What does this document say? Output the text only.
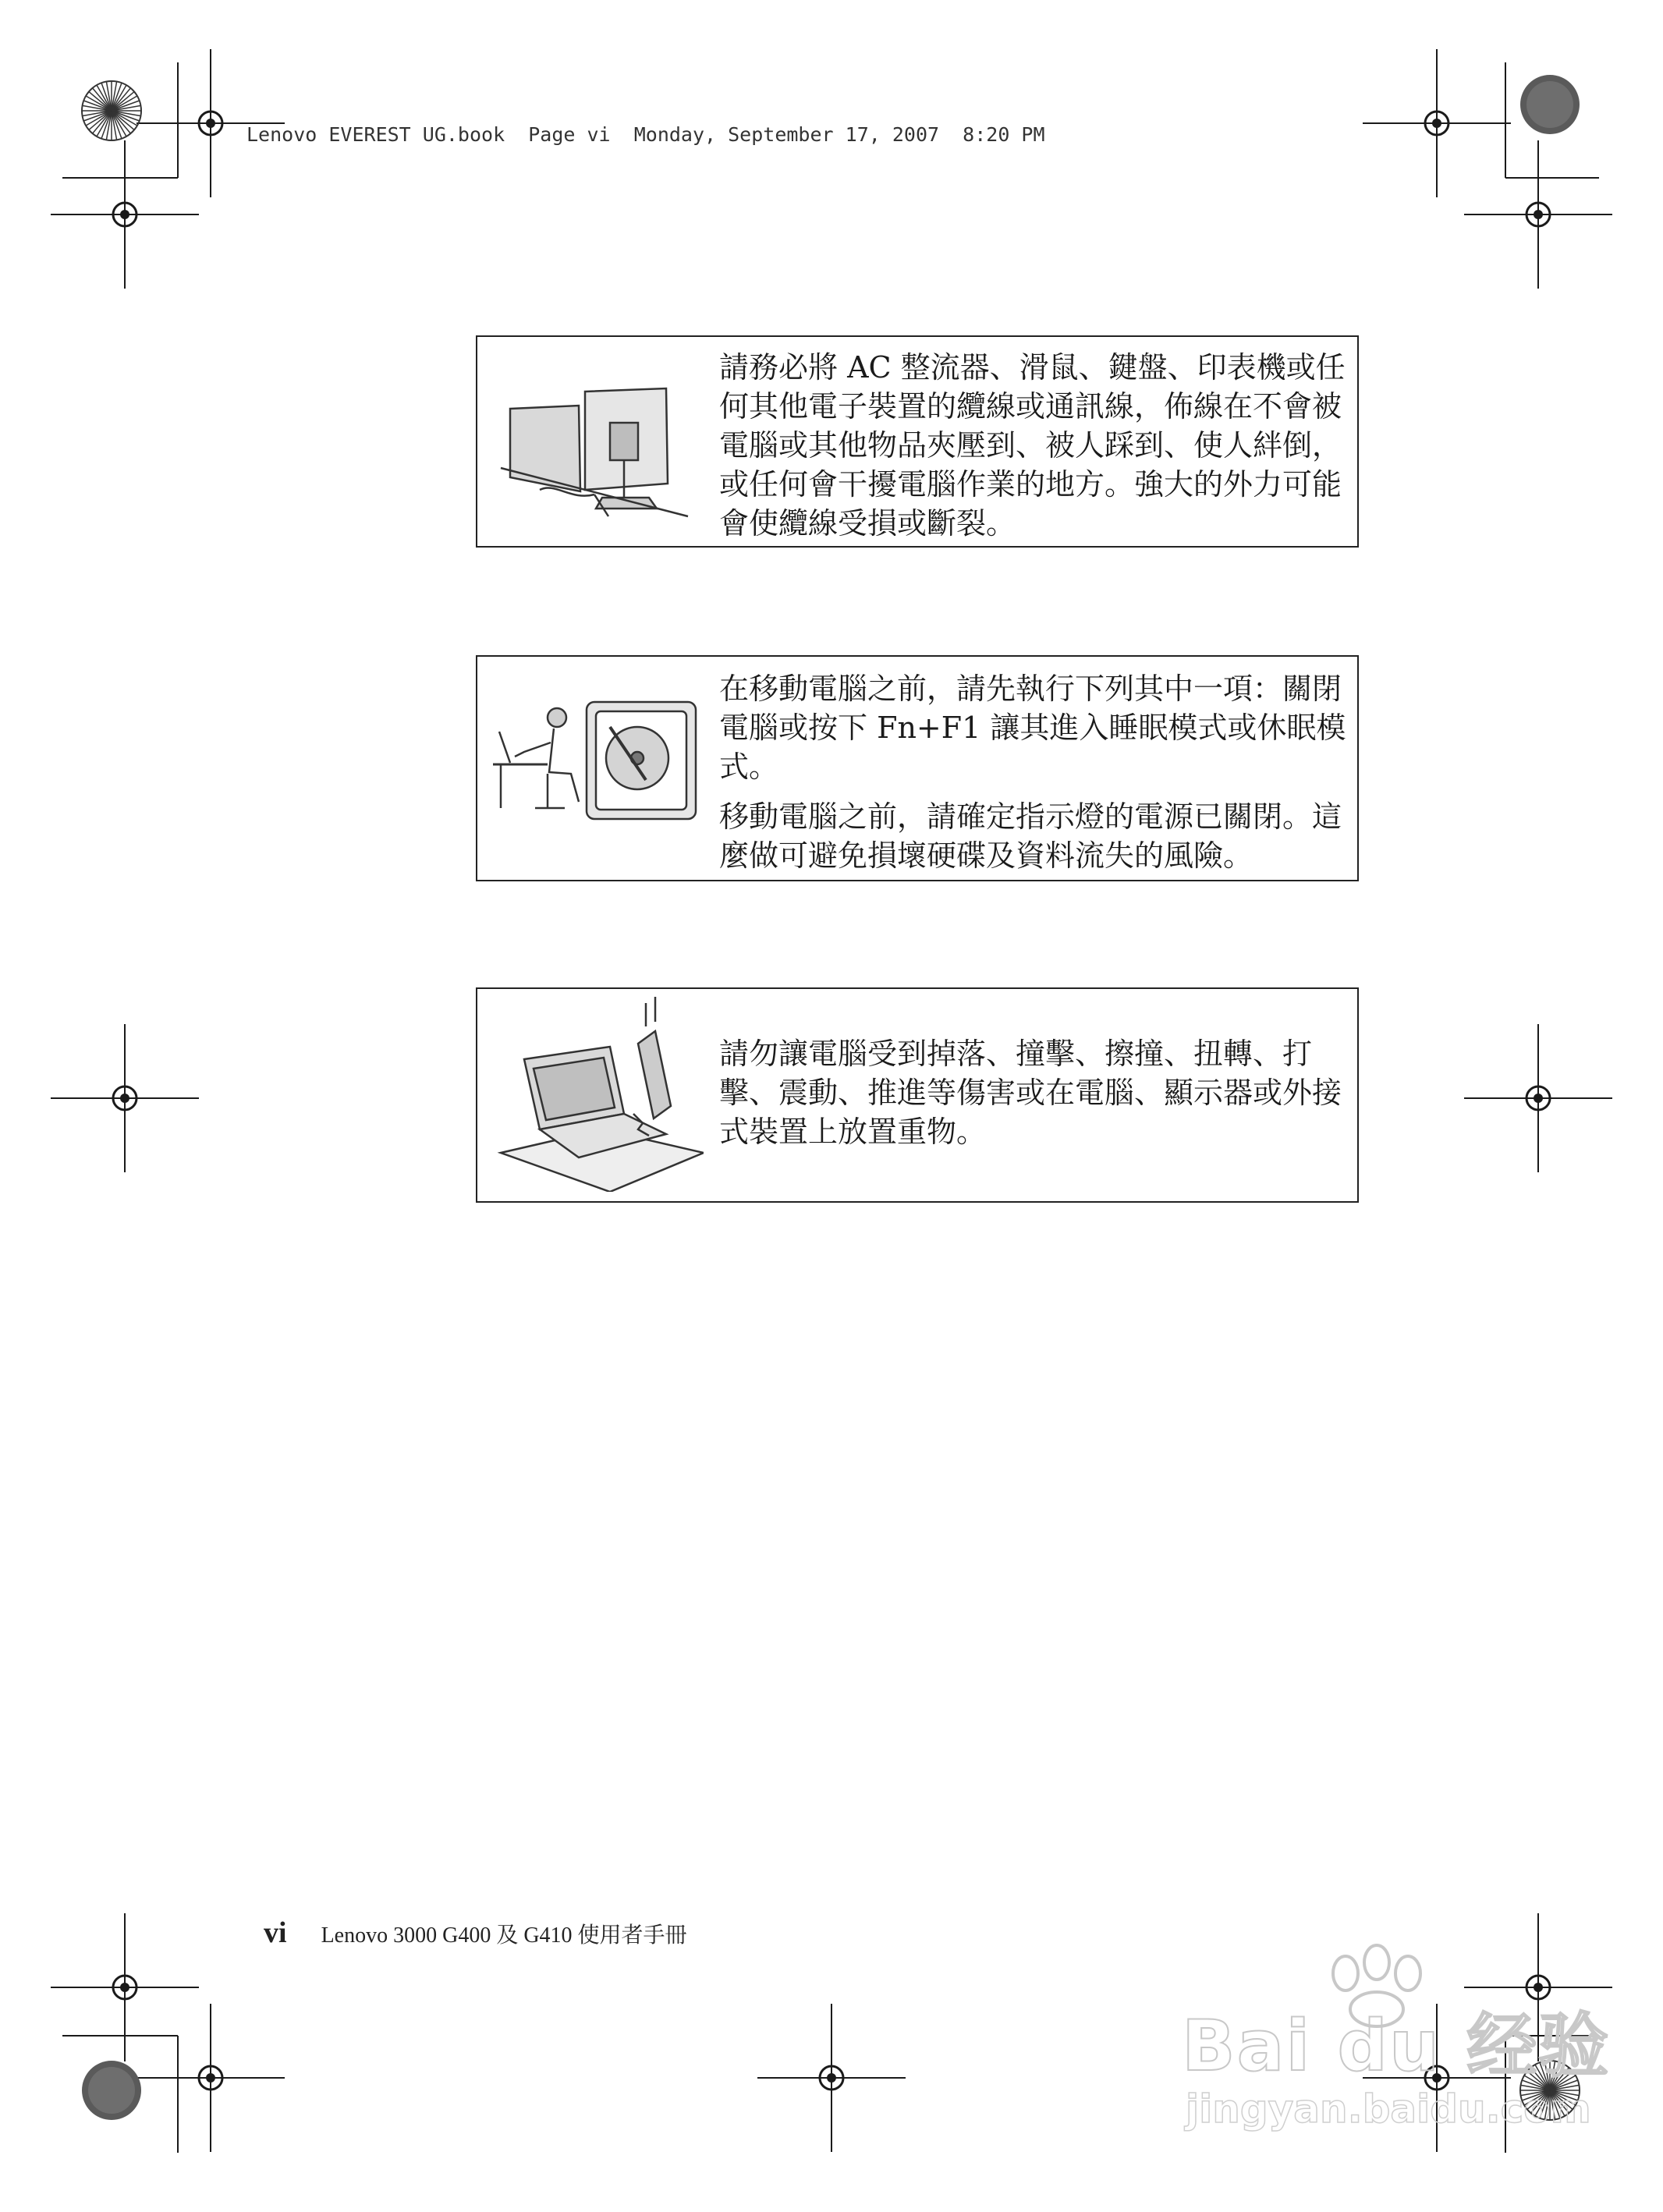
Lenovo EVEREST UG.book Page vi Monday, September 17, 2007 8:20 PM

請務必將 AC 整流器、滑鼠、鍵盤、印表機或任何其他電子裝置的纜線或通訊線，佈線在不會被電腦或其他物品夾壓到、被人踩到、使人絆倒，或任何會干擾電腦作業的地方。強大的外力可能會使纜線受損或斷裂。

在移動電腦之前，請先執行下列其中一項：關閉電腦或按下 Fn+F1 讓其進入睡眠模式或休眠模式。

移動電腦之前，請確定指示燈的電源已關閉。這麼做可避免損壞硬碟及資料流失的風險。

請勿讓電腦受到掉落、撞擊、擦撞、扭轉、打擊、震動、推進等傷害或在電腦、顯示器或外接式裝置上放置重物。

vi Lenovo 3000 G400 及 G410 使用者手冊
Bai du 经验
jingyan.baidu.com
